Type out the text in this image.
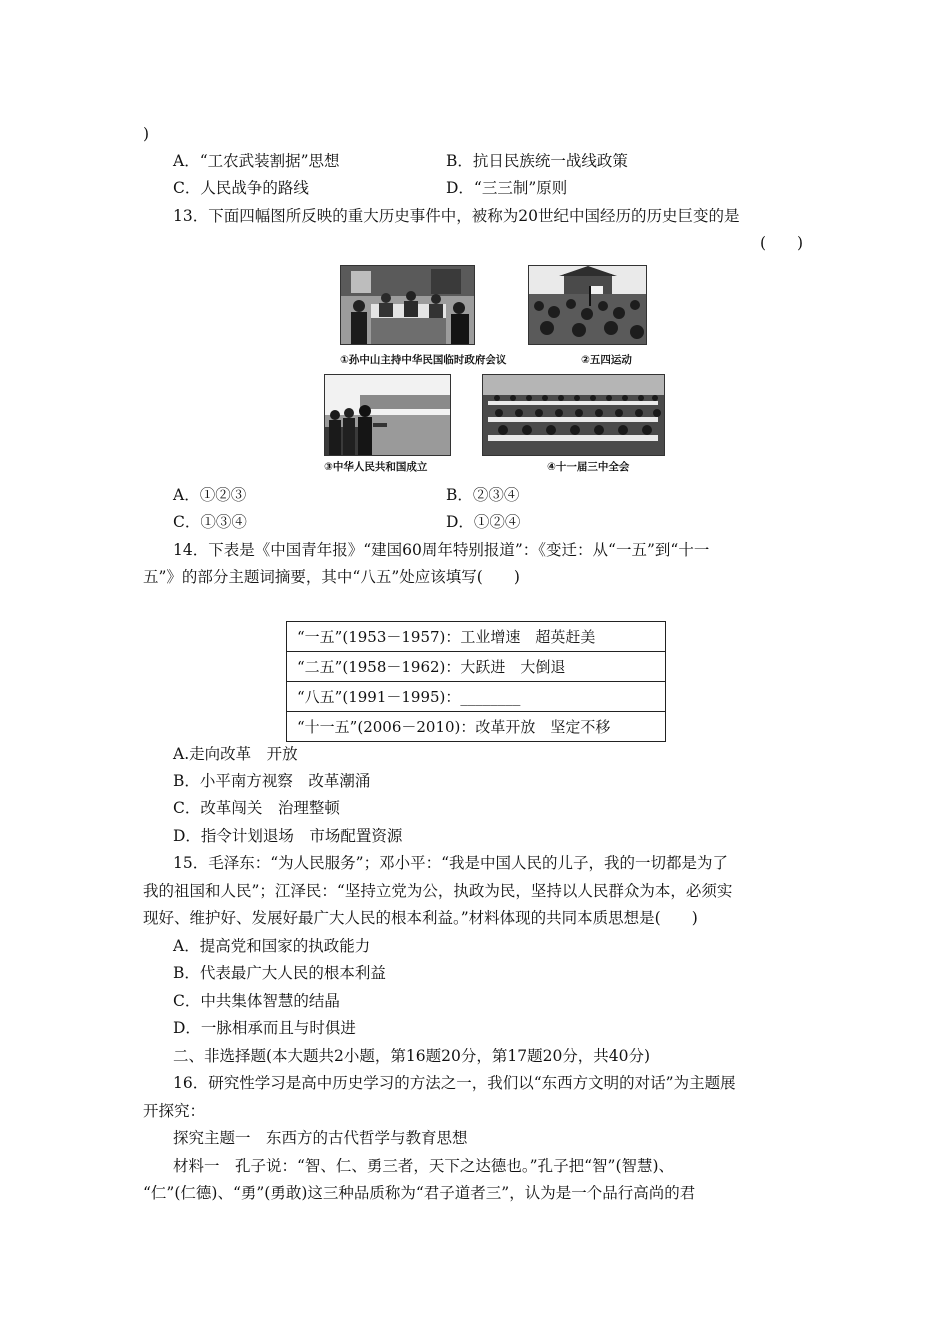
)
A．“工农武装割据”思想	B．抗日民族统一战线政策
C．人民战争的路线	D．“三三制”原则
13．下面四幅图所反映的重大历史事件中，被称为20世纪中国经历的历史巨变的是
(　　)
①孙中山主持中华民国临时政府会议	②五四运动
③中华人民共和国成立	④十一届三中全会
A．①②③	B．②③④
C．①③④	D．①②④
14．下表是《中国青年报》“建国60周年特别报道”：《变迁：从“一五”到“十一
五”》的部分主题词摘要，其中“八五”处应该填写(　　)
“一五”(1953－1957)：工业增速　超英赶美
“二五”(1958－1962)：大跃进　大倒退
“八五”(1991－1995)：________
“十一五”(2006－2010)：改革开放　坚定不移
A.走向改革　开放
B．小平南方视察　改革潮涌
C．改革闯关　治理整顿
D．指令计划退场　市场配置资源
15．毛泽东：“为人民服务”；邓小平：“我是中国人民的儿子，我的一切都是为了
我的祖国和人民”；江泽民：“坚持立党为公，执政为民，坚持以人民群众为本，必须实
现好、维护好、发展好最广大人民的根本利益。”材料体现的共同本质思想是(　　)
A．提高党和国家的执政能力
B．代表最广大人民的根本利益
C．中共集体智慧的结晶
D．一脉相承而且与时俱进
二、非选择题(本大题共2小题，第16题20分，第17题20分，共40分)
16．研究性学习是高中历史学习的方法之一，我们以“东西方文明的对话”为主题展
开探究：
探究主题一　东西方的古代哲学与教育思想
材料一　孔子说：“智、仁、勇三者，天下之达德也。”孔子把“智”(智慧)、
“仁”(仁德)、“勇”(勇敢)这三种品质称为“君子道者三”，认为是一个品行高尚的君
